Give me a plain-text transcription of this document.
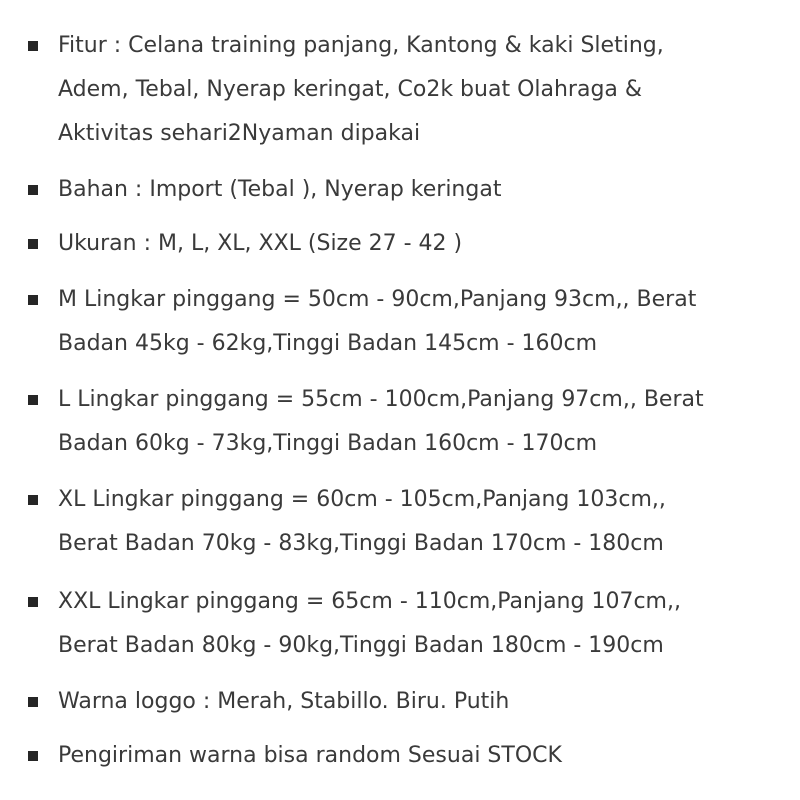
Fitur : Celana training panjang, Kantong & kaki Sleting,
Adem, Tebal, Nyerap keringat, Co2k buat Olahraga &
Aktivitas sehari2Nyaman dipakai
Bahan : Import (Tebal ), Nyerap keringat
Ukuran : M, L, XL, XXL (Size 27 - 42 )
M Lingkar pinggang = 50cm - 90cm,Panjang 93cm,, Berat
Badan 45kg - 62kg,Tinggi Badan 145cm - 160cm
L Lingkar pinggang = 55cm - 100cm,Panjang 97cm,, Berat
Badan 60kg - 73kg,Tinggi Badan 160cm - 170cm
XL Lingkar pinggang = 60cm - 105cm,Panjang 103cm,,
Berat Badan 70kg - 83kg,Tinggi Badan 170cm - 180cm
XXL Lingkar pinggang = 65cm - 110cm,Panjang 107cm,,
Berat Badan 80kg - 90kg,Tinggi Badan 180cm - 190cm
Warna loggo : Merah, Stabillo. Biru. Putih
Pengiriman warna bisa random Sesuai STOCK
